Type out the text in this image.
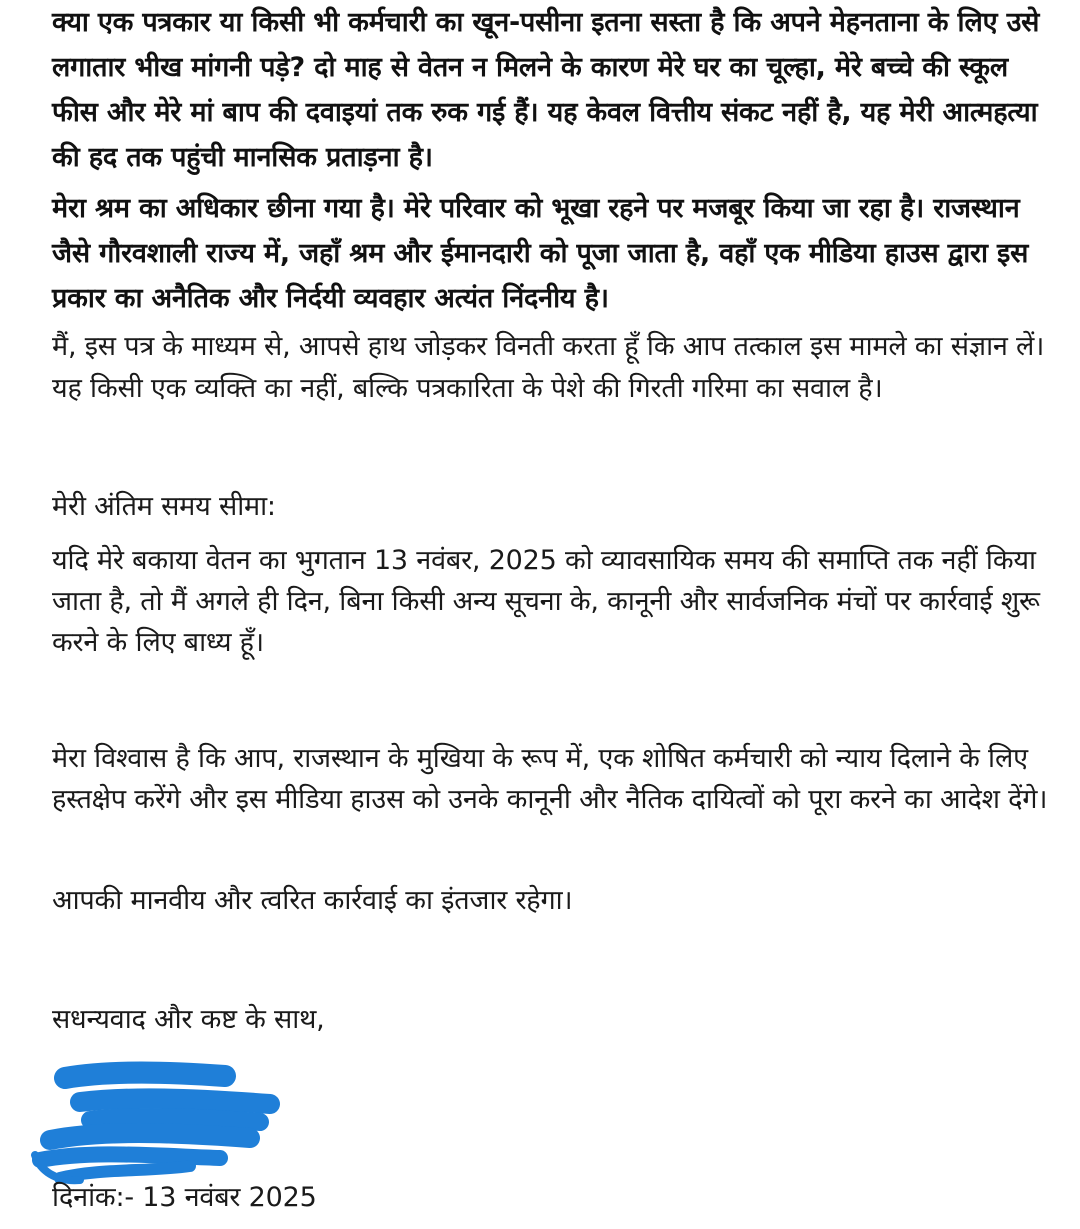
क्या एक पत्रकार या किसी भी कर्मचारी का खून-पसीना इतना सस्ता है कि अपने मेहनताना के लिए उसे लगातार भीख मांगनी पड़े? दो माह से वेतन न मिलने के कारण मेरे घर का चूल्हा, मेरे बच्चे की स्कूल फीस और मेरे मां बाप की दवाइयां तक रुक गई हैं। यह केवल वित्तीय संकट नहीं है, यह मेरी आत्महत्या की हद तक पहुंची मानसिक प्रताड़ना है।

मेरा श्रम का अधिकार छीना गया है। मेरे परिवार को भूखा रहने पर मजबूर किया जा रहा है। राजस्थान जैसे गौरवशाली राज्य में, जहाँ श्रम और ईमानदारी को पूजा जाता है, वहाँ एक मीडिया हाउस द्वारा इस प्रकार का अनैतिक और निर्दयी व्यवहार अत्यंत निंदनीय है।

मैं, इस पत्र के माध्यम से, आपसे हाथ जोड़कर विनती करता हूँ कि आप तत्काल इस मामले का संज्ञान लें। यह किसी एक व्यक्ति का नहीं, बल्कि पत्रकारिता के पेशे की गिरती गरिमा का सवाल है।

मेरी अंतिम समय सीमा:

यदि मेरे बकाया वेतन का भुगतान 13 नवंबर, 2025 को व्यावसायिक समय की समाप्ति तक नहीं किया जाता है, तो मैं अगले ही दिन, बिना किसी अन्य सूचना के, कानूनी और सार्वजनिक मंचों पर कार्रवाई शुरू करने के लिए बाध्य हूँ।

मेरा विश्वास है कि आप, राजस्थान के मुखिया के रूप में, एक शोषित कर्मचारी को न्याय दिलाने के लिए हस्तक्षेप करेंगे और इस मीडिया हाउस को उनके कानूनी और नैतिक दायित्वों को पूरा करने का आदेश देंगे।

आपकी मानवीय और त्वरित कार्रवाई का इंतजार रहेगा।

सधन्यवाद और कष्ट के साथ,

दिनांक:- 13 नवंबर 2025
